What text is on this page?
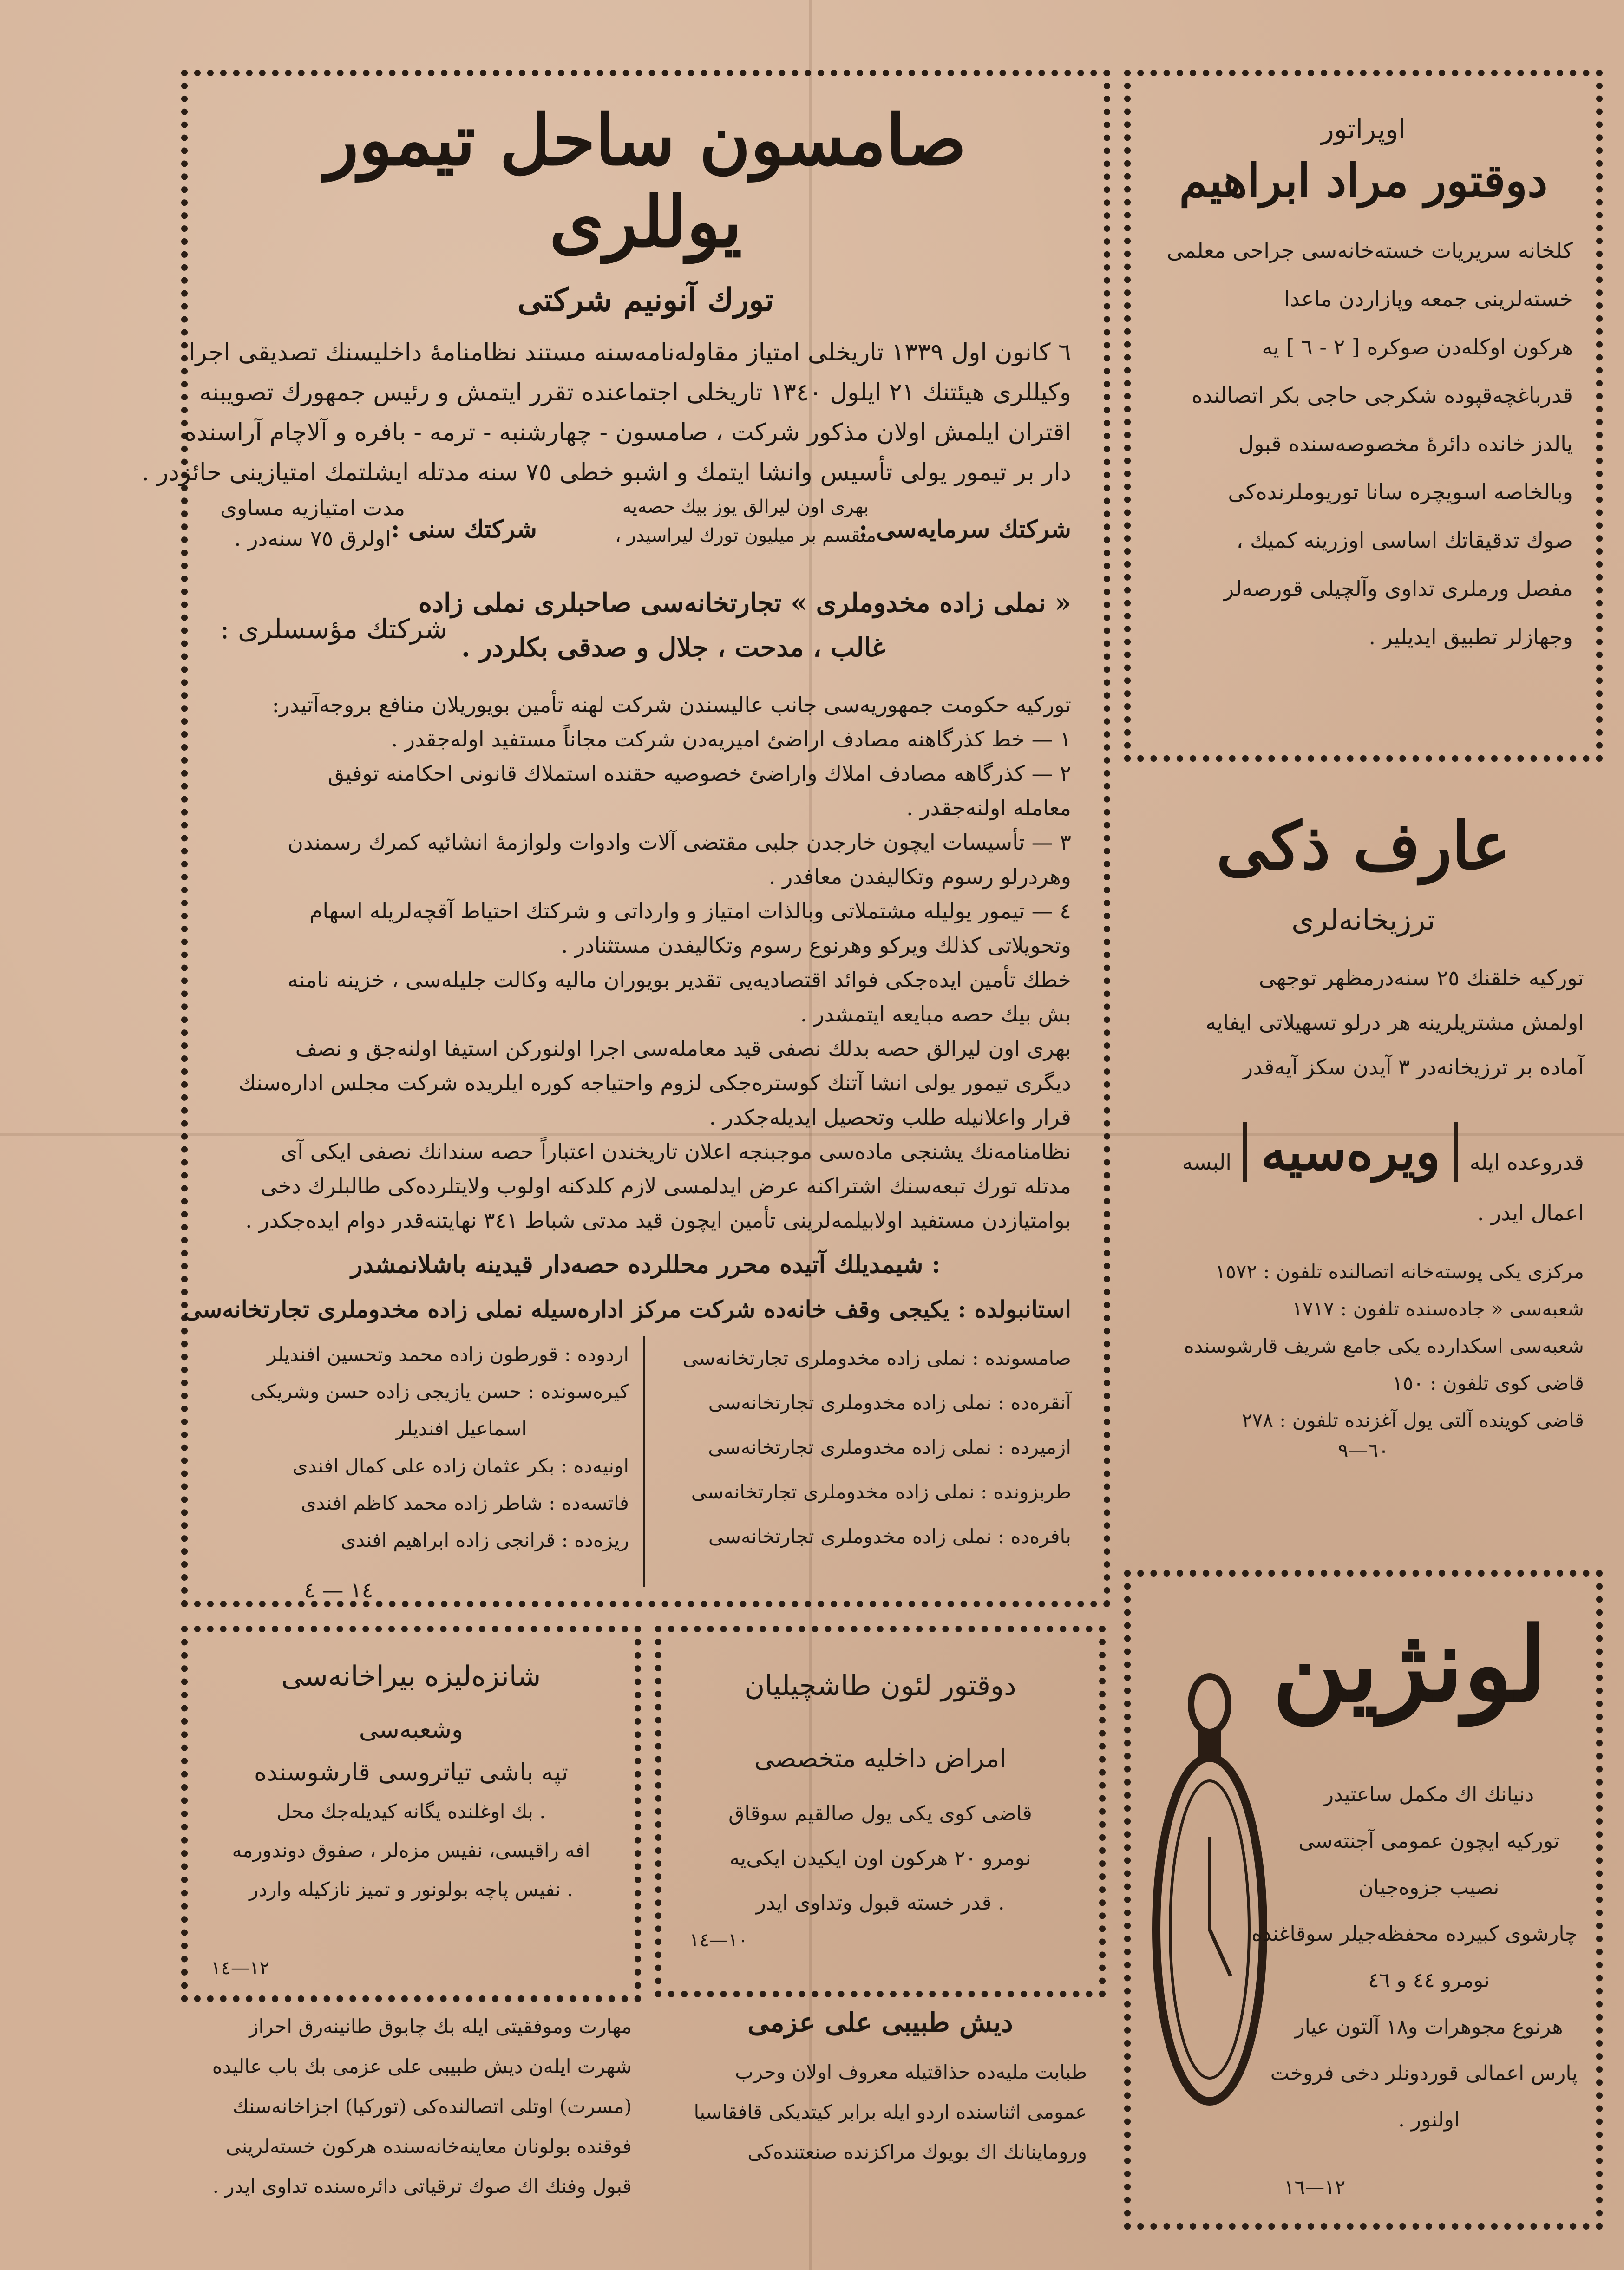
صامسون ساحل تیمور یوللری
تورك آنونیم شركتی
٦ كانون اول ١٣٣٩ تاریخلی امتیاز مقاوله‌نامه‌سنه مستند نظامنامهٔ داخلیسنك تصدیقی اجرا
وكیللری هیئتنك ٢١ ایلول ١٣٤٠ تاریخلی اجتماعنده تقرر ایتمش و رئیس جمهورك تصویبنه
اقتران ایلمش اولان مذكور شركت ، صامسون - چهارشنبه - ترمه - بافره و آلاچام آراسنده
دار بر تیمور یولی تأسیس وانشا ایتمك و اشبو خطی ٧٥ سنه مدتله ایشلتمك امتیازینی حائزدر .
شركتك سرمایه‌سی :
بهری اون لیرالق یوز بیك حصه‌یه
منقسم بر میلیون تورك لیراسیدر ،
شركتك سنی :
مدت امتیازیه‌ مساوی
اولرق ٧٥ سنه‌در .
شركتك مؤسسلری :
« نملی زاده مخدوملری » تجارتخانه‌سی صاحبلری نملی زاده
غالب ، مدحت ، جلال و صدقی بكلردر .
توركیه حكومت جمهوریه‌سی جانب عالیسندن شركت لهنه تأمین بویوریلان منافع بروجه‌آتیدر:
١ — خط كذرگاهنه مصادف اراضئ امیریه‌دن شركت مجاناً مستفید اوله‌جقدر .
٢ — كذرگاهه مصادف املاك واراضئ خصوصیه حقنده استملاك قانونی احكامنه توفیق
معامله اولنه‌جقدر .
٣ — تأسیسات ایچون خارجدن جلبی مقتضی آلات وادوات ولوازمهٔ انشائیه كمرك رسمندن
وهردرلو رسوم وتكالیفدن معافدر .
٤ — تیمور یولیله مشتملاتی وبالذات امتیاز و وارداتی و شركتك احتیاط آقچه‌لریله اسهام
وتحویلاتی كذلك ویركو وهرنوع رسوم وتكالیفدن مستثنادر .
خطك تأمین ایده‌جكی فوائد اقتصادیه‌یی تقدیر بویوران مالیه وكالت جلیله‌سی ، خزینه نامنه
بش بیك حصه مبایعه ایتمشدر .
بهری اون لیرالق حصه بدلك نصفی قید معامله‌سی اجرا اولنورکن استیفا اولنه‌جق و نصف
دیگری تیمور یولی انشا آتنك كوستره‌جكی لزوم واحتیاجه كوره ایلریده شركت مجلس اداره‌سنك
قرار واعلانیله طلب وتحصیل ایدیله‌جكدر .
نظامنامه‌نك یشنجی ماده‌سی موجبنجه اعلان تاریخندن اعتباراً حصه سندانك نصفی ایكی آی
مدتله تورك تبعه‌سنك اشتراكنه عرض ایدلمسی لازم كلدكنه اولوب ولایتلرده‌كی طالبلرك دخی
بوامتیازدن مستفید اولابیلمه‌لرینی تأمین ایچون قید مدتی شباط ٣٤١ نهایتنه‌قدر دوام ایده‌جكدر .
شیمدیلك آتیده محرر محللرده حصه‌دار قیدینه باشلانمشدر :
استانبولده : یكیجی وقف خانه‌ده شركت مركز اداره‌سیله نملی زاده مخدوملری تجارتخانه‌سی
صامسونده : نملی زاده مخدوملری تجارتخانه‌سی
آنقره‌ده : نملی زاده مخدوملری تجارتخانه‌سی
ازمیرده : نملی زاده مخدوملری تجارتخانه‌سی
طربزونده : نملی زاده مخدوملری تجارتخانه‌سی
بافره‌ده : نملی زاده مخدوملری تجارتخانه‌سی
اردوده : قورطون زاده محمد وتحسین افندیلر
كیره‌سونده : حسن یازیجی زاده حسن وشریكی
اسماعیل افندیلر
اونیه‌ده : بكر عثمان زاده علی كمال افندی
فاتسه‌ده : شاطر زاده محمد كاظم افندی
ریزه‌ده : قرانجی زاده ابراهیم افندی
١٤ — ٤
اوپراتور
دوقتور مراد ابراهیم
كلخانه سریریات خسته‌خانه‌سی جراحی معلمی
خسته‌لرینی جمعه وپازاردن ماعدا
هركون اوكله‌دن صوكره [ ٢ - ٦ ] یه
قدرباغچه‌قپوده شكرجی حاجی بكر اتصالنده
یالدز خانده دائرهٔ مخصوصه‌سنده قبول
وبالخاصه اسویچره سانا توریوملرنده‌كی
صوك تدقیقاتك اساسی اوزرینه كمیك ،
مفصل ورملری تداوی وآلچیلی قورصه‌لر
وجهازلر تطبیق ایدیلیر .
عارف ذكی
ترزیخانه‌لری
توركیه خلقنك ٢٥ سنه‌درمظهر توجهی
اولمش مشتریلرینه هر درلو تسهیلاتی ایفایه
آماده بر ترزیخانه‌در ٣ آیدن سكز آیه‌قدر
قدروعده ایله ویره‌سیه البسه
اعمال ایدر .
مركزی یكی پوسته‌خانه اتصالنده تلفون : ١٥٧٢
شعبه‌سی « جاده‌سنده تلفون : ١٧١٧
شعبه‌سی اسكدارده یكی جامع شریف قارشوسنده
قاضی كوی تلفون : ١٥٠
قاضی كوینده آلتی یول آغزنده تلفون : ٢٧٨
٦٠—٩
لونژین
دنیانك اك مكمل ساعتیدر
توركیه ایچون عمومی آجنته‌سی
نصیب جزوه‌جیان
چارشوی كبیرده محفظه‌جیلر سوقاغنده
نومرو ٤٤ و ٤٦
هرنوع مجوهرات و١٨ آلتون عیار
پارس اعمالی قوردونلر دخی فروخت
اولنور .
١٢—١٦
شانزه‌لیزه بیراخانه‌سی
وشعبه‌سی
تپه باشی تیاتروسی قارشوسنده
بك اوغلنده یگانه كیدیله‌جك محل .
افه راقیسی، نفیس مزه‌لر ، صفوق دوندورمه
نفیس پاچه بولونور و تمیز نازكیله واردر .
١٢—١٤
دوقتور لئون طاشچیلیان
امراض داخلیه متخصصی
قاضی كوی یكی یول صالقیم سوقاق
نومرو ٢٠ هركون اون ایكیدن ایكی‌یه
قدر خسته قبول وتداوی ایدر .
١٠—١٤
دیش طبیبی علی عزمی
طبابت ملیه‌ده حذاقتیله معروف اولان وحرب
عمومی اثناسنده اردو ایله برابر كیتدیكی قافقاسیا
وروماینانك اك بویوك مراكزنده صنعتنده‌كی
مهارت وموفقیتی ایله بك چابوق طانینه‌رق احراز
شهرت ایلەن دیش طبیبی علی عزمی بك باب عالیده
(مسرت) اوتلی اتصالنده‌كی (توركیا) اجزاخانه‌سنك
فوقنده بولونان معاینه‌خانه‌سنده هركون خسته‌لرینی
قبول وفنك اك صوك ترقیاتی دائره‌سنده تداوی ایدر .
